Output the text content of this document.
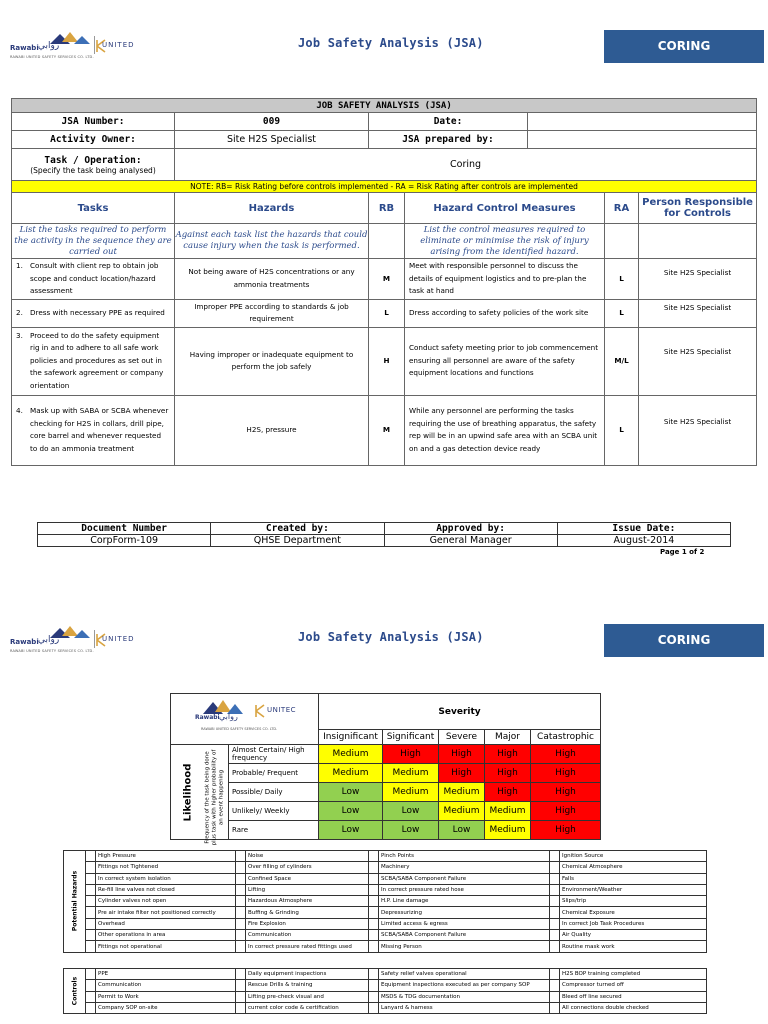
Rawabi روابي	UNITED
RAWABI UNITED SAFETY SERVICES CO. LTD.
Job Safety Analysis (JSA)	CORING
JOB SAFETY ANALYSIS (JSA)						
JSA Number:	009	Date:				
Activity Owner:	Site H2S Specialist	JSA prepared by:				

Task / Operation:
(Specify the task being analysed)	Coring					
NOTE: RB= Risk Rating before controls implemented - RA = Risk Rating after controls are implemented						
Tasks	Hazards	RB	Hazard Control Measures		RA	Person Responsible for Controls
List the tasks required to perform the activity in the sequence they are carried out	Against each task list the hazards that could cause injury when the task is performed.		List the control measures required to eliminate or minimise the risk of injury arising from the identified hazard.			

1. Consult with client rep to obtain job scope and conduct location/hazard assessment	Not being aware of H2S concentrations or any ammonia treatments	M	Meet with responsible personnel to discuss the details of equipment logistics and to pre-plan the task at hand		L	Site H2S Specialist

2. Dress with necessary PPE as required	Improper PPE according to standards & job requirement	L	Dress according to safety policies of the work site		L	Site H2S Specialist

3. Proceed to do the safety equipment rig in and to adhere to all safe work policies and procedures as set out in the safework agreement or company orientation	Having improper or inadequate equipment to perform the job safely	H	Conduct safety meeting prior to job commencement ensuring all personnel are aware of the safety equipment locations and functions		M/L	Site H2S Specialist

4. Mask up with SABA or SCBA whenever checking for H2S in collars, drill pipe, core barrel and whenever requested to do an ammonia treatment	H2S, pressure	M	While any personnel are performing the tasks requiring the use of breathing apparatus, the safety rep will be in an upwind safe area with an SCBA unit on and a gas detection device ready		L	Site H2S Specialist
Document Number	Created by:	Approved by:	Issue Date:
CorpForm-109	QHSE Department	General Manager	August-2014
Page 1 of 2
Rawabi روابي	UNITED
RAWABI UNITED SAFETY SERVICES CO. LTD.
Job Safety Analysis (JSA)	CORING
Rawabi روابي
UNITEC
RAWABI UNITED SAFETY SERVICES CO. LTD.		Severity				
		Insignificant	Significant	Severe	Major	Catastrophic

Likelihood Frequency of the task being done plus task with higher probability of an event happening	Almost Certain/ High frequency	Medium	High	High	High	High
	Probable/ Frequent	Medium	Medium	High	High	High
	Possible/ Daily	Low	Medium	Medium	High	High
	Unlikely/ Weekly	Low	Low	Medium	Medium	High
	Rare	Low	Low	Low	Medium	High
Potential Hazards		High Pressure		Noise		Pinch Points		Ignition Source
		Fittings not Tightened		Over filling of cylinders		Machinery		Chemical Atmosphere
		In correct system isolation		Confined Space		SCBA/SABA Component Failure		Falls
		Re-fill line valves not closed		Lifting		In correct pressure rated hose		Environment/Weather
		Cylinder valves not open		Hazardous Atmosphere		H.P. Line damage		Slips/trip
		Pre air intake filter not positioned correctly		Buffing & Grinding		Depressurizing		Chemical Exposure
		Overhead		Fire Explosion		Limited access & egress		In correct Job Task Procedures
		Other operations in area		Communication		SCBA/SABA Component Failure		Air Quality
		Fittings not operational		In correct pressure rated fittings used		Missing Person		Routine mask work
Controls		PPE		Daily equipment inspections		Safety relief valves operational		H2S BOP training completed
		Communication		Rescue Drills & training		Equipment inspections executed as per company SOP		Compressor turned off
		Permit to Work		Lifting pre-check visual and		MSDS & TDG documentation		Bleed off line secured
		Company SOP on-site		current color code & certification		Lanyard & harness		All connections double checked
